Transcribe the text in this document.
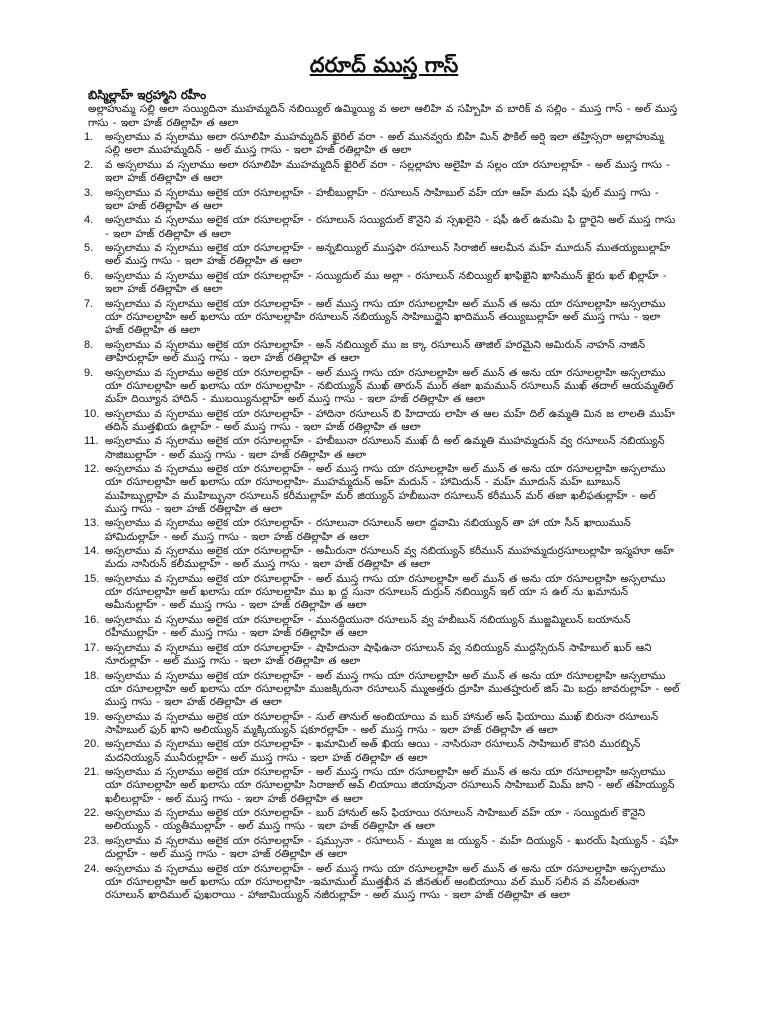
దరూద్ ముస్త గాస్

బిస్మిల్లాహ్ ఇర్రహ్మాని రహీం

అల్లాహుమ్మ సల్లి అలా సయ్యిదినా ముహమ్మదిన్ నబియ్యిల్ ఉమ్మియ్యి వ అలా ఆలిహి వ సహ్బిహి వ బారిక్ వ సల్లిం - ముస్త గాస్ - అల్ ముస్త గాసు - ఇలా హజ్ రతిల్లాహి త ఆలా

1. అస్సలాము వ స్సలాము అలా రసూలిహి ముహమ్మదిన్ ఖైరిల్ వరా - అల్ మునవ్వరు బిహి మిన్ ఫౌకిల్ అర్షి ఇలా తహ్తిస్సరా అల్లాహుమ్మ సల్లి అలా ముహమ్మదిన్ - అల్ ముస్త గాసు - ఇలా హజ్ రతిల్లాహి త ఆలా
2. వ అస్సలాము వ స్సలాము అలా రసూలిహి ముహమ్మదిన్ ఖైరిల్ వరా - సల్లల్లాహు అలైహి వ సల్లం యా రసూలల్లాహ్ - అల్ ముస్త గాసు - ఇలా హజ్ రతిల్లాహి త ఆలా
3. అస్సలాము వ స్సలాము అలైక యా రసూలల్లాహ్ - హబీబుల్లాహ్ - రసూలున్ సాహిబుల్ వహ్ యా ఆహ్ మదు షఫీ ఫుల్ ముస్త గాసు - ఇలా హజ్ రతిల్లాహి త ఆలా
4. అస్సలాము వ స్సలాము అలైక యా రసూలల్లాహ్ - రసూలున్ సయ్యిదుల్ కౌనైని వ స్సఖలైని - షఫీ ఉల్ ఉమమి ఫి ద్దారైని అల్ ముస్త గాసు - ఇలా హజ్ రతిల్లాహి త ఆలా
5. అస్సలాము వ స్సలాము అలైక యా రసూలల్లాహ్ - అన్నబియ్యిల్ ముస్తఫా రసూలున్ సిరాజిల్ ఆలమీన మహ్ మూదున్ ముతయ్యబుల్లాహ్ అల్ ముస్త గాసు - ఇలా హజ్ రతిల్లాహి త ఆలా
6. అస్సలాము వ స్సలాము అలైక యా రసూలల్లాహ్ - సయ్యిదుల్ ము అల్లా - రసూలున్ నబియ్యిల్ ఖాఫిఖైని ఖాసిమున్ ఖైరు ఖల్ ఖిల్లాహ్ - ఇలా హజ్ రతిల్లాహి త ఆలా
7. అస్సలాము వ స్సలాము అలైక యా రసూలల్లాహ్ - అల్ ముస్త గాసు యా రసూలల్లాహి అల్ మున్ త అను యా రసూలల్లాహి అస్సలాము యా రసూలల్లాహి అల్ ఖలాసు యా రసూలల్లాహి రసూలున్ నబియ్యున్ సాహిబుద్దైని ఖాదిమున్ తయ్యిబుల్లాహ్ అల్ ముస్త గాసు - ఇలా హజ్ రతిల్లాహి త ఆలా
8. అస్సలాము వ స్సలాము అలైక యా రసూలల్లాహ్ - అన్ నబియ్యిల్ ము జ క్కా రసూలున్ తాజిల్ హరమైని అమిరున్ నాహన్ నాజిన్ తాహిరుల్లాహ్ అల్ ముస్త గాసు - ఇలా హజ్ రతిల్లాహి త ఆలా
9. అస్సలాము వ స్సలాము అలైక యా రసూలల్లాహ్ - అల్ ముస్త గాసు యా రసూలల్లాహి అల్ మున్ త అను యా రసూలల్లాహి అస్సలాము యా రసూలల్లాహి అల్ ఖలాసు యా రసూలల్లాహి - నబియ్యున్ ముఖ్ తారున్ ముర్ తజా ఖమమున్ రసూలున్ ముఖ్ తదాల్ ఆయమ్మతిల్ మహ్ దియ్యీన హాదిన్ - ముబయ్యినుల్లాహ్ అల్ ముస్త గాసు - ఇలా హజ్ రతిల్లాహి త ఆలా
10. అస్సలాము వ స్సలాము అలైక యా రసూలల్లాహ్ - హాదినా రసూలున్ బి హిదాయ లాహి త ఆల మహ్ దిల్ ఉమ్మతి మిన జ లాలతి ముహ్ తదిన్ ముత్తఖియ ఉల్లాహ్ - అల్ ముస్త గాసు - ఇలా హజ్ రతిల్లాహి త ఆలా
11. అస్సలాము వ స్సలాము అలైక యా రసూలల్లాహ్ - హబీబునా రసూలున్ ముఖ్ దీ అల్ ఉమ్మతి ముహమ్మదున్ వ్వ రసూలున్ నబియ్యున్ సాజిబుల్లాహ్ - అల్ ముస్త గాసు - ఇలా హజ్ రతిల్లాహి త ఆలా
12. అస్సలాము వ స్సలాము అలైక యా రసూలల్లాహ్ - అల్ ముస్త గాసు యా రసూలల్లాహి అల్ మున్ త అను యా రసూలల్లాహి అస్సలాము యా రసూలల్లాహి అల్ ఖలాసు యా రసూలల్లాహి- ముహమ్మదున్ అహ్ మదున్ - హామిదున్ - మహ్ మూదున్ మహ్ బూబున్ ముహిబ్బుల్లాహి వ ముహిబ్బునా రసూలున్ కరీముల్లాహ్ మర్ జియ్యున్ హబీబునా రసూలున్ కరీమున్ మర్ తజా ఖలీఫతుల్లాహ్ - అల్ ముస్త గాసు - ఇలా హజ్ రతిల్లాహి త ఆలా
13. అస్సలాము వ స్సలాము అలైక యా రసూలల్లాహ్ - రసూలునా రసూలున్ అలా ద్దవామి నబియ్యున్ తా హా యా సీన్ ఖాయిమున్ హామిదుల్లాహ్ - అల్ ముస్త గాసు - ఇలా హజ్ రతిల్లాహి త ఆలా
14. అస్సలాము వ స్సలాము అలైక యా రసూలల్లాహ్ - అమీరునా రసూలున్ వ్వ నబియ్యున్ కరీమున్ ముహమ్మదుర్రసూలుల్లాహి ఇస్మహూ అహ్ మదు నాసిరున్ కలీముల్లాహ్ - అల్ ముస్త గాసు - ఇలా హజ్ రతిల్లాహి త ఆలా
15. అస్సలాము వ స్సలాము అలైక యా రసూలల్లాహ్ - అల్ ముస్త గాసు యా రసూలల్లాహి అల్ మున్ త అను యా రసూలల్లాహి అస్సలాము యా రసూలల్లాహి అల్ ఖలాసు యా రసూలల్లాహి ము ఖ ద్ద సునా రసూలున్ దుర్రున్ నబియ్యిన్ ఇల్ యా స ఉల్ ను ఖమానున్ అమీనుల్లాహ్ - అల్ ముస్త గాసు - ఇలా హజ్ రతిల్లాహి త ఆలా
16. అస్సలాము వ స్సలాము అలైక యా రసూలల్లాహ్ - మునద్దియునా రసూలున్ వ్వ హబీబున్ నబియ్యున్ ముజ్జమ్మిలున్ బయానున్ రహీముల్లాహ్ - అల్ ముస్త గాసు - ఇలా హజ్ రతిల్లాహి త ఆలా
17. అస్సలాము వ స్సలాము అలైక యా రసూలల్లాహ్ - షాహిదునా షాఫిఉనా రసూలున్ వ్వ నబియ్యున్ ముద్దస్సిరున్ సాహిబుల్ ఖుర్ ఆని నూరుల్లాహ్ - అల్ ముస్త గాసు - ఇలా హజ్ రతిల్లాహి త ఆలా
18. అస్సలాము వ స్సలాము అలైక యా రసూలల్లాహ్ - అల్ ముస్త గాసు యా రసూలల్లాహి అల్ మున్ త అను యా రసూలల్లాహి అస్సలాము యా రసూలల్లాహి అల్ ఖలాసు యా రసూలల్లాహి ముజక్కిరునా రసూలున్ మ్ముఅత్తరు ద్రూహి ముతహ్హరుల్ జిస్ మి బద్రు జావరుల్లాహ్ - అల్ ముస్త గాసు - ఇలా హజ్ రతిల్లాహి త ఆలా
19. అస్సలాము వ స్సలాము అలైక యా రసూలల్లాహ్ - సుల్ తానుల్ అంబియాయి వ బుర్ హానుల్ అస్ ఫియాయి ముఖ్ బిరునా రసూలున్ సాహిబుల్ ఫుర్ ఖాని అలియ్యున్ మ్మక్కియ్యున్ షకూరల్లాహ్ - అల్ ముస్త గాసు - ఇలా హజ్ రతిల్లాహి త ఆలా
20. అస్సలాము వ స్సలాము అలైక యా రసూలల్లాహ్ - ఖమామిల్ అత్ ఖియ ఆయి - నాసిరునా రసూలున్ సాహిబుల్ కౌసరి మురబ్బిన్ మదనియ్యున్ మునీరుల్లాహ్ - అల్ ముస్త గాసు - ఇలా హజ్ రతిల్లాహి త ఆలా
21. అస్సలాము వ స్సలాము అలైక యా రసూలల్లాహ్ - అల్ ముస్త గాసు యా రసూలల్లాహి అల్ మున్ త అను యా రసూలల్లాహి అస్సలాము యా రసూలల్లాహి అల్ ఖలాసు యా రసూలల్లాహి సిరాజుల్ అవ్ లియాయి జియావునా రసూలున్ సాహిబుల్ మిమ్ జాని - అల్ తహియ్యున్ ఖలీలుల్లాహ్ - అల్ ముస్త గాసు - ఇలా హజ్ రతిల్లాహి త ఆలా
22. అస్సలాము వ స్సలాము అలైక యా రసూలల్లాహ్ - బుర్ హానుల్ అస్ ఫియాయి రసూలున్ సాహిబుల్ వహ్ యా - సయ్యిదుల్ కౌనైని అలియ్యున్ - య్యతీముల్లాహ్ - అల్ ముస్త గాసు - ఇలా హజ్ రతిల్లాహి త ఆలా
23. అస్సలాము వ స్సలాము అలైక యా రసూలల్లాహ్ - షమ్సునా - రసూలున్ - మ్ముజ జ య్యున్ - మహ్ దియ్యున్ - ఖురయ్ షియ్యున్ - షహీ దుల్లాహ్ - అల్ ముస్త గాసు - ఇలా హజ్ రతిల్లాహి త ఆలా
24. అస్సలాము వ స్సలాము అలైక యా రసూలల్లాహ్ - అల్ ముస్త గాసు యా రసూలల్లాహి అల్ మున్ త అను యా రసూలల్లాహి అస్సలాము యా రసూలల్లాహి అల్ ఖలాసు యా రసూలల్లాహి -ఇమాముల్ ముత్తఖీన వ జీనతుల్ అంబియాయి వల్ ముర్ సలీన వ వసీలతునా రసూలున్ ఖాదిముల్ ఫుఖరాయి - హాజామియ్యున్ నజీరుల్లాహ్ - అల్ ముస్త గాసు - ఇలా హజ్ రతిల్లాహి త ఆలా
